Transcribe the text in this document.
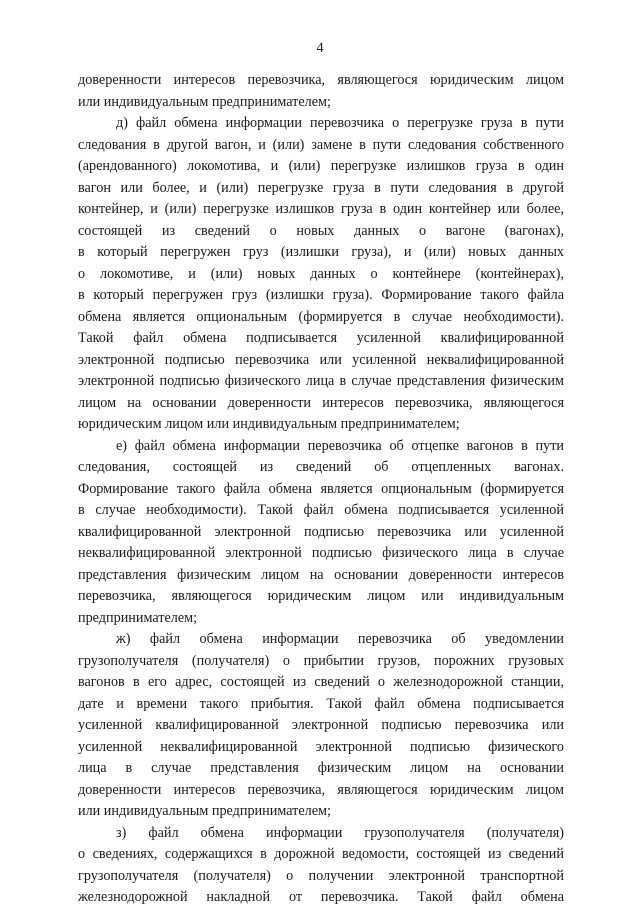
4
доверенности интересов перевозчика, являющегося юридическим лицом
или индивидуальным предпринимателем;
д) файл обмена информации перевозчика о перегрузке груза в пути
следования в другой вагон, и (или) замене в пути следования собственного
(арендованного) локомотива, и (или) перегрузке излишков груза в один
вагон или более, и (или) перегрузке груза в пути следования в другой
контейнер, и (или) перегрузке излишков груза в один контейнер или более,
состоящей из сведений о новых данных о вагоне (вагонах),
в который перегружен груз (излишки груза), и (или) новых данных
о локомотиве, и (или) новых данных о контейнере (контейнерах),
в который перегружен груз (излишки груза). Формирование такого файла
обмена является опциональным (формируется в случае необходимости).
Такой файл обмена подписывается усиленной квалифицированной
электронной подписью перевозчика или усиленной неквалифицированной
электронной подписью физического лица в случае представления физическим
лицом на основании доверенности интересов перевозчика, являющегося
юридическим лицом или индивидуальным предпринимателем;
е) файл обмена информации перевозчика об отцепке вагонов в пути
следования, состоящей из сведений об отцепленных вагонах.
Формирование такого файла обмена является опциональным (формируется
в случае необходимости). Такой файл обмена подписывается усиленной
квалифицированной электронной подписью перевозчика или усиленной
неквалифицированной электронной подписью физического лица в случае
представления физическим лицом на основании доверенности интересов
перевозчика, являющегося юридическим лицом или индивидуальным
предпринимателем;
ж) файл обмена информации перевозчика об уведомлении
грузополучателя (получателя) о прибытии грузов, порожних грузовых
вагонов в его адрес, состоящей из сведений о железнодорожной станции,
дате и времени такого прибытия. Такой файл обмена подписывается
усиленной квалифицированной электронной подписью перевозчика или
усиленной неквалифицированной электронной подписью физического
лица в случае представления физическим лицом на основании
доверенности интересов перевозчика, являющегося юридическим лицом
или индивидуальным предпринимателем;
з) файл обмена информации грузополучателя (получателя)
о сведениях, содержащихся в дорожной ведомости, состоящей из сведений
грузополучателя (получателя) о получении электронной транспортной
железнодорожной накладной от перевозчика. Такой файл обмена
